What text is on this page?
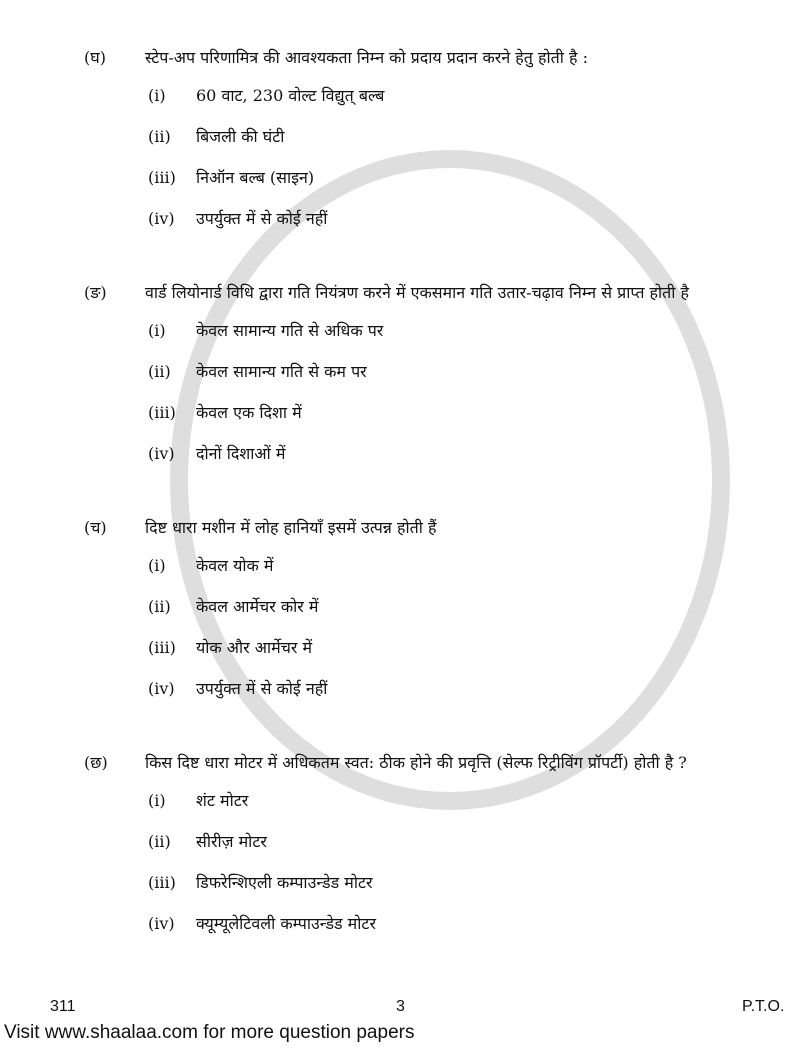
(घ) स्टेप-अप परिणामित्र की आवश्यकता निम्न को प्रदाय प्रदान करने हेतु होती है :
(i) 60 वाट, 230 वोल्ट विद्युत् बल्ब
(ii) बिजली की घंटी
(iii) निऑन बल्ब (साइन)
(iv) उपर्युक्त में से कोई नहीं
(ङ) वार्ड लियोनार्ड विधि द्वारा गति नियंत्रण करने में एकसमान गति उतार-चढ़ाव निम्न से प्राप्त होती है
(i) केवल सामान्य गति से अधिक पर
(ii) केवल सामान्य गति से कम पर
(iii) केवल एक दिशा में
(iv) दोनों दिशाओं में
(च) दिष्ट धारा मशीन में लोह हानियाँ इसमें उत्पन्न होती हैं
(i) केवल योक में
(ii) केवल आर्मेचर कोर में
(iii) योक और आर्मेचर में
(iv) उपर्युक्त में से कोई नहीं
(छ) किस दिष्ट धारा मोटर में अधिकतम स्वत: ठीक होने की प्रवृत्ति (सेल्फ रिट्रीविंग प्रॉपर्टी) होती है ?
(i) शंट मोटर
(ii) सीरीज़ मोटर
(iii) डिफरेन्शिएली कम्पाउन्डेड मोटर
(iv) क्यूम्यूलेटिवली कम्पाउन्डेड मोटर
311	3	P.T.O.
Visit www.shaalaa.com for more question papers
